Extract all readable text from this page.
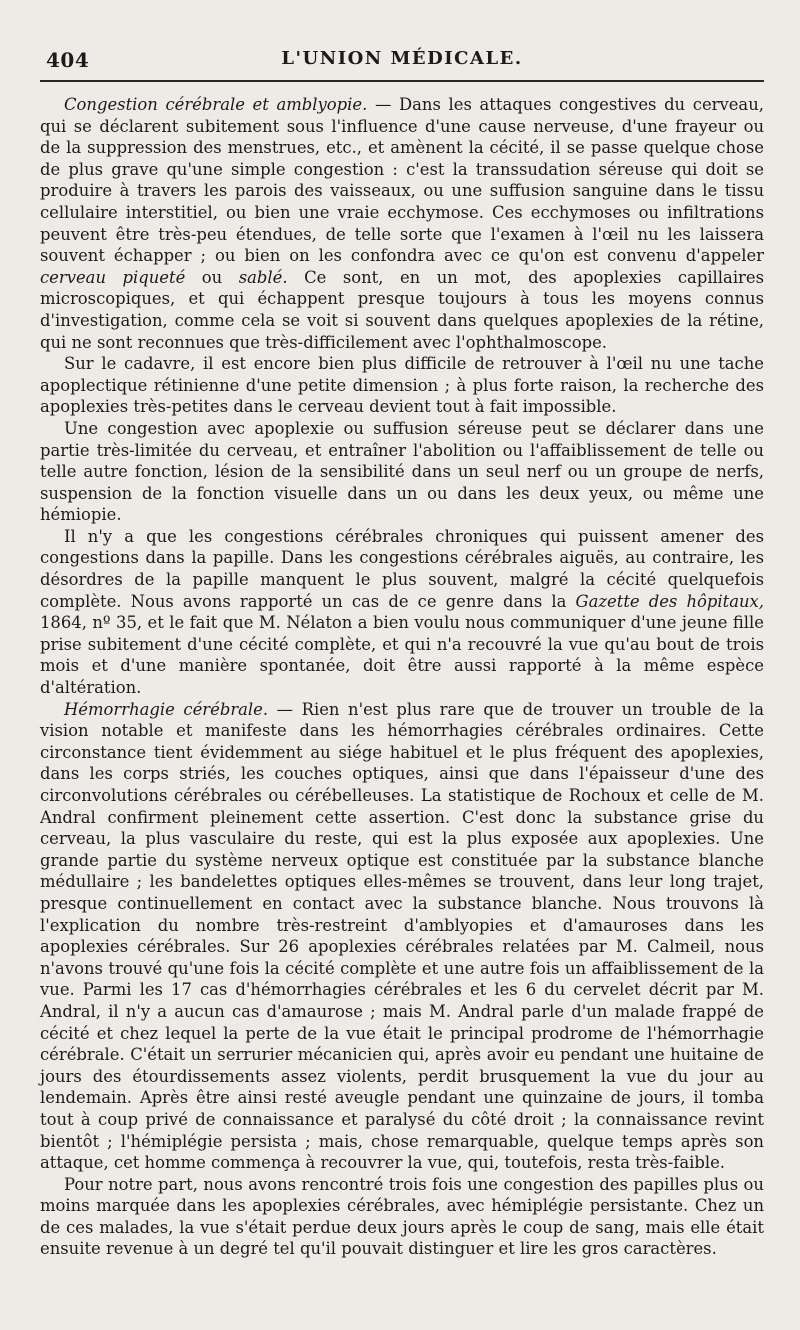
404	L'UNION MÉDICALE.

Congestion cérébrale et amblyopie. — Dans les attaques congestives du cerveau, qui se déclarent subitement sous l'influence d'une cause nerveuse, d'une frayeur ou de la suppression des menstrues, etc., et amènent la cécité, il se passe quelque chose de plus grave qu'une simple congestion : c'est la transsudation séreuse qui doit se produire à travers les parois des vaisseaux, ou une suffusion sanguine dans le tissu cellulaire interstitiel, ou bien une vraie ecchymose. Ces ecchymoses ou infiltrations peuvent être très-peu étendues, de telle sorte que l'examen à l'œil nu les laissera souvent échapper ; ou bien on les confondra avec ce qu'on est convenu d'appeler cerveau piqueté ou sablé. Ce sont, en un mot, des apoplexies capillaires microscopiques, et qui échappent presque toujours à tous les moyens connus d'investigation, comme cela se voit si souvent dans quelques apoplexies de la rétine, qui ne sont reconnues que très-difficilement avec l'ophthalmoscope.

Sur le cadavre, il est encore bien plus difficile de retrouver à l'œil nu une tache apoplectique rétinienne d'une petite dimension ; à plus forte raison, la recherche des apoplexies très-petites dans le cerveau devient tout à fait impossible.

Une congestion avec apoplexie ou suffusion séreuse peut se déclarer dans une partie très-limitée du cerveau, et entraîner l'abolition ou l'affaiblissement de telle ou telle autre fonction, lésion de la sensibilité dans un seul nerf ou un groupe de nerfs, suspension de la fonction visuelle dans un ou dans les deux yeux, ou même une hémiopie.

Il n'y a que les congestions cérébrales chroniques qui puissent amener des congestions dans la papille. Dans les congestions cérébrales aiguës, au contraire, les désordres de la papille manquent le plus souvent, malgré la cécité quelquefois complète. Nous avons rapporté un cas de ce genre dans la Gazette des hôpitaux, 1864, nº 35, et le fait que M. Nélaton a bien voulu nous communiquer d'une jeune fille prise subitement d'une cécité complète, et qui n'a recouvré la vue qu'au bout de trois mois et d'une manière spontanée, doit être aussi rapporté à la même espèce d'altération.

Hémorrhagie cérébrale. — Rien n'est plus rare que de trouver un trouble de la vision notable et manifeste dans les hémorrhagies cérébrales ordinaires. Cette circonstance tient évidemment au siége habituel et le plus fréquent des apoplexies, dans les corps striés, les couches optiques, ainsi que dans l'épaisseur d'une des circonvolutions cérébrales ou cérébelleuses. La statistique de Rochoux et celle de M. Andral confirment pleinement cette assertion. C'est donc la substance grise du cerveau, la plus vasculaire du reste, qui est la plus exposée aux apoplexies. Une grande partie du système nerveux optique est constituée par la substance blanche médullaire ; les bandelettes optiques elles-mêmes se trouvent, dans leur long trajet, presque continuellement en contact avec la substance blanche. Nous trouvons là l'explication du nombre très-restreint d'amblyopies et d'amauroses dans les apoplexies cérébrales. Sur 26 apoplexies cérébrales relatées par M. Calmeil, nous n'avons trouvé qu'une fois la cécité complète et une autre fois un affaiblissement de la vue. Parmi les 17 cas d'hémorrhagies cérébrales et les 6 du cervelet décrit par M. Andral, il n'y a aucun cas d'amaurose ; mais M. Andral parle d'un malade frappé de cécité et chez lequel la perte de la vue était le principal prodrome de l'hémorrhagie cérébrale. C'était un serrurier mécanicien qui, après avoir eu pendant une huitaine de jours des étourdissements assez violents, perdit brusquement la vue du jour au lendemain. Après être ainsi resté aveugle pendant une quinzaine de jours, il tomba tout à coup privé de connaissance et paralysé du côté droit ; la connaissance revint bientôt ; l'hémiplégie persista ; mais, chose remarquable, quelque temps après son attaque, cet homme commença à recouvrer la vue, qui, toutefois, resta très-faible.

Pour notre part, nous avons rencontré trois fois une congestion des papilles plus ou moins marquée dans les apoplexies cérébrales, avec hémiplégie persistante. Chez un de ces malades, la vue s'était perdue deux jours après le coup de sang, mais elle était ensuite revenue à un degré tel qu'il pouvait distinguer et lire les gros caractères.
